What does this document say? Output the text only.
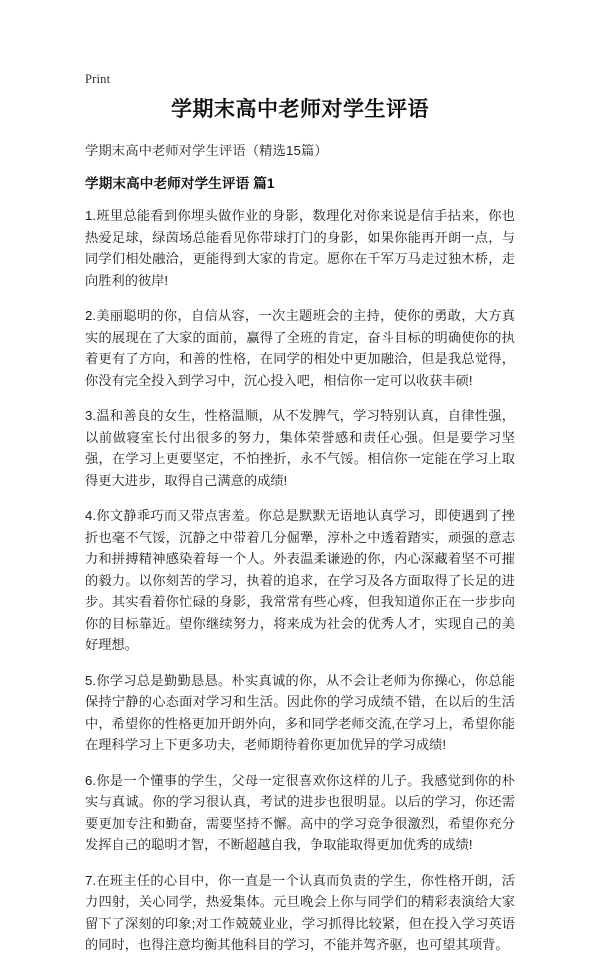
Print
学期末高中老师对学生评语

学期末高中老师对学生评语（精选15篇）

学期末高中老师对学生评语 篇1

1.班里总能看到你埋头做作业的身影，数理化对你来说是信手拈来，你也热爱足球，绿茵场总能看见你带球打门的身影，如果你能再开朗一点，与同学们相处融洽，更能得到大家的肯定。愿你在千军万马走过独木桥，走向胜利的彼岸!

2.美丽聪明的你，自信从容，一次主题班会的主持，使你的勇敢，大方真实的展现在了大家的面前，赢得了全班的肯定，奋斗目标的明确使你的执着更有了方向，和善的性格，在同学的相处中更加融洽，但是我总觉得，你没有完全投入到学习中，沉心投入吧，相信你一定可以收获丰硕!

3.温和善良的女生，性格温顺，从不发脾气，学习特别认真，自律性强，以前做寝室长付出很多的努力，集体荣誉感和责任心强。但是要学习坚强，在学习上更要坚定，不怕挫折，永不气馁。相信你一定能在学习上取得更大进步，取得自己满意的成绩!

4.你文静乖巧而又带点害羞。你总是默默无语地认真学习，即使遇到了挫折也毫不气馁，沉静之中带着几分倔犟，淳朴之中透着踏实，顽强的意志力和拼搏精神感染着每一个人。外表温柔谦逊的你，内心深藏着坚不可摧的毅力。以你刻苦的学习，执着的追求，在学习及各方面取得了长足的进步。其实看着你忙碌的身影，我常常有些心疼，但我知道你正在一步步向你的目标靠近。望你继续努力，将来成为社会的优秀人才，实现自己的美好理想。

5.你学习总是勤勤恳恳。朴实真诚的你，从不会让老师为你操心，你总能保持宁静的心态面对学习和生活。因此你的学习成绩不错，在以后的生活中，希望你的性格更加开朗外向，多和同学老师交流,在学习上，希望你能在理科学习上下更多功夫，老师期待着你更加优异的学习成绩!

6.你是一个懂事的学生，父母一定很喜欢你这样的儿子。我感觉到你的朴实与真诚。你的学习很认真，考试的进步也很明显。以后的学习，你还需要更加专注和勤奋，需要坚持不懈。高中的学习竞争很激烈，希望你充分发挥自己的聪明才智，不断超越自我，争取能取得更加优秀的成绩!

7.在班主任的心目中，你一直是一个认真而负责的学生，你性格开朗，活力四射，关心同学，热爱集体。元旦晚会上你与同学们的精彩表演给大家留下了深刻的印象;对工作兢兢业业，学习抓得比较紧，但在投入学习英语的同时，也得注意均衡其他科目的学习，不能并驾齐驱，也可望其项背。
